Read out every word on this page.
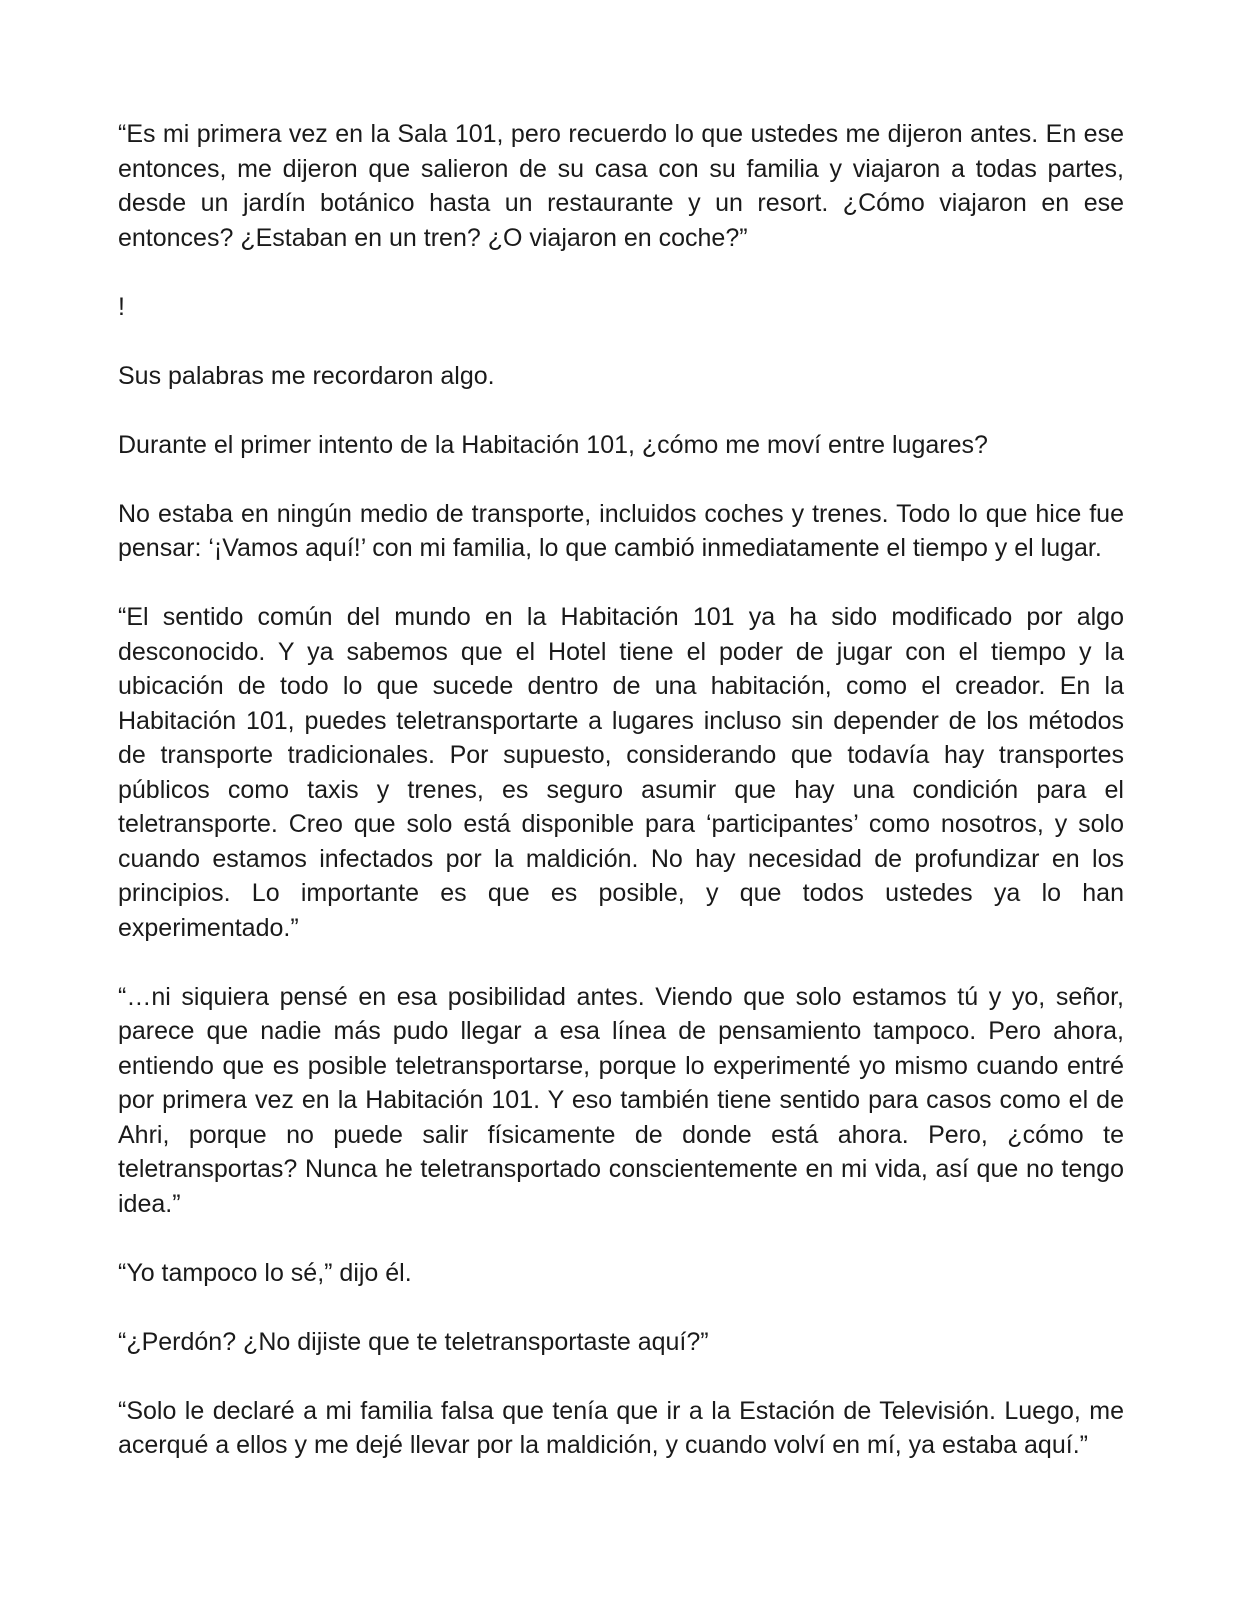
“Es mi primera vez en la Sala 101, pero recuerdo lo que ustedes me dijeron antes. En ese entonces, me dijeron que salieron de su casa con su familia y viajaron a todas partes, desde un jardín botánico hasta un restaurante y un resort. ¿Cómo viajaron en ese entonces? ¿Estaban en un tren? ¿O viajaron en coche?”

!

Sus palabras me recordaron algo.

Durante el primer intento de la Habitación 101, ¿cómo me moví entre lugares?

No estaba en ningún medio de transporte, incluidos coches y trenes. Todo lo que hice fue pensar: ‘¡Vamos aquí!’ con mi familia, lo que cambió inmediatamente el tiempo y el lugar.

“El sentido común del mundo en la Habitación 101 ya ha sido modificado por algo desconocido. Y ya sabemos que el Hotel tiene el poder de jugar con el tiempo y la ubicación de todo lo que sucede dentro de una habitación, como el creador. En la Habitación 101, puedes teletransportarte a lugares incluso sin depender de los métodos de transporte tradicionales. Por supuesto, considerando que todavía hay transportes públicos como taxis y trenes, es seguro asumir que hay una condición para el teletransporte. Creo que solo está disponible para ‘participantes’ como nosotros, y solo cuando estamos infectados por la maldición. No hay necesidad de profundizar en los principios. Lo importante es que es posible, y que todos ustedes ya lo han experimentado.”

“…ni siquiera pensé en esa posibilidad antes. Viendo que solo estamos tú y yo, señor, parece que nadie más pudo llegar a esa línea de pensamiento tampoco. Pero ahora, entiendo que es posible teletransportarse, porque lo experimenté yo mismo cuando entré por primera vez en la Habitación 101. Y eso también tiene sentido para casos como el de Ahri, porque no puede salir físicamente de donde está ahora. Pero, ¿cómo te teletransportas? Nunca he teletransportado conscientemente en mi vida, así que no tengo idea.”

“Yo tampoco lo sé,” dijo él.

“¿Perdón? ¿No dijiste que te teletransportaste aquí?”

“Solo le declaré a mi familia falsa que tenía que ir a la Estación de Televisión. Luego, me acerqué a ellos y me dejé llevar por la maldición, y cuando volví en mí, ya estaba aquí.”
